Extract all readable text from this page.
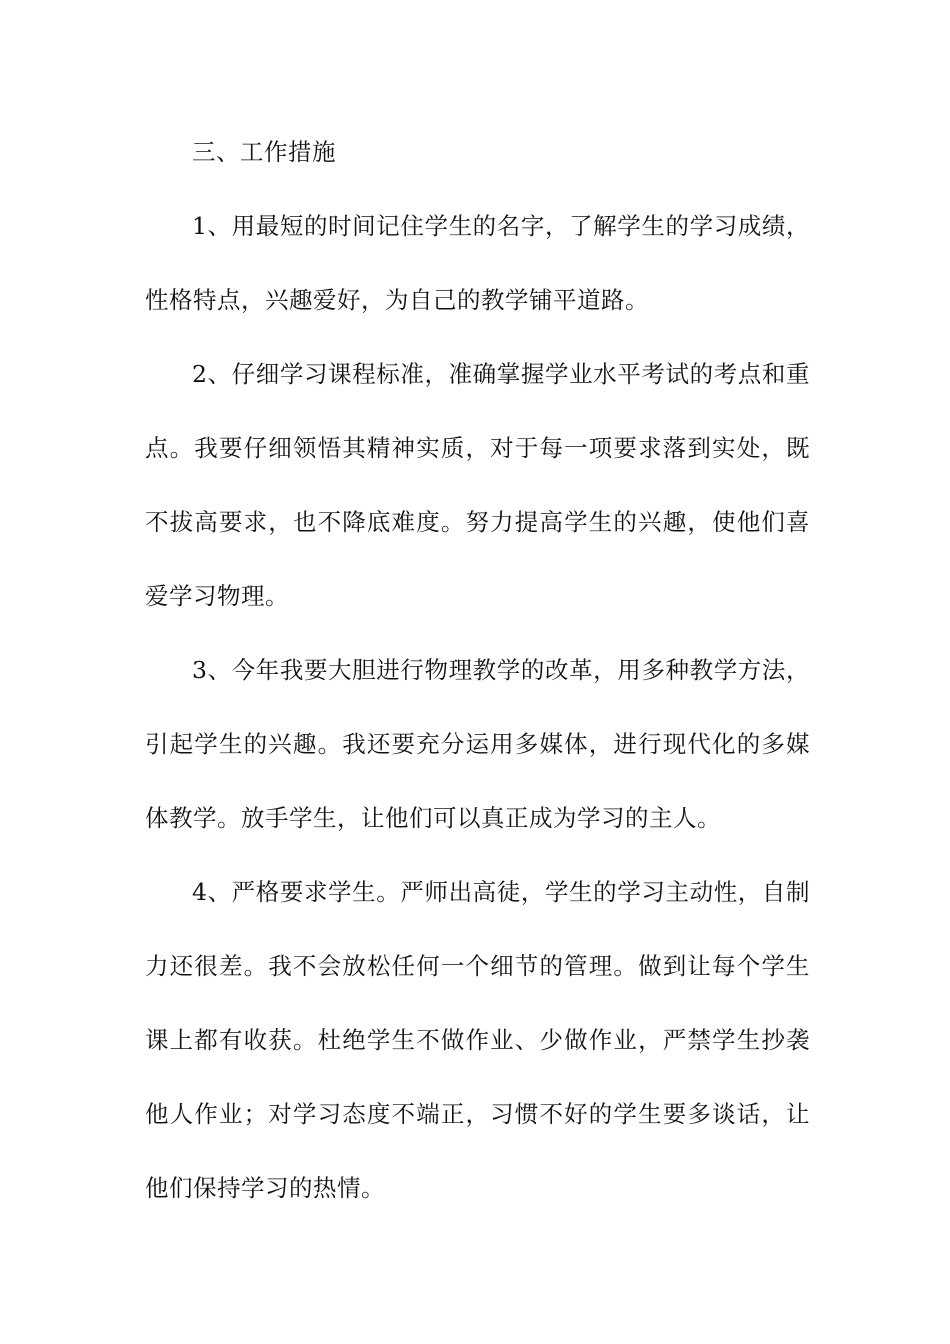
三、工作措施

1、用最短的时间记住学生的名字，了解学生的学习成绩，性格特点，兴趣爱好，为自己的教学铺平道路。

2、仔细学习课程标准，准确掌握学业水平考试的考点和重点。我要仔细领悟其精神实质，对于每一项要求落到实处，既不拔高要求，也不降底难度。努力提高学生的兴趣，使他们喜爱学习物理。

3、今年我要大胆进行物理教学的改革，用多种教学方法，引起学生的兴趣。我还要充分运用多媒体，进行现代化的多媒体教学。放手学生，让他们可以真正成为学习的主人。

4、严格要求学生。严师出高徒，学生的学习主动性，自制力还很差。我不会放松任何一个细节的管理。做到让每个学生课上都有收获。杜绝学生不做作业、少做作业，严禁学生抄袭他人作业；对学习态度不端正，习惯不好的学生要多谈话，让他们保持学习的热情。
